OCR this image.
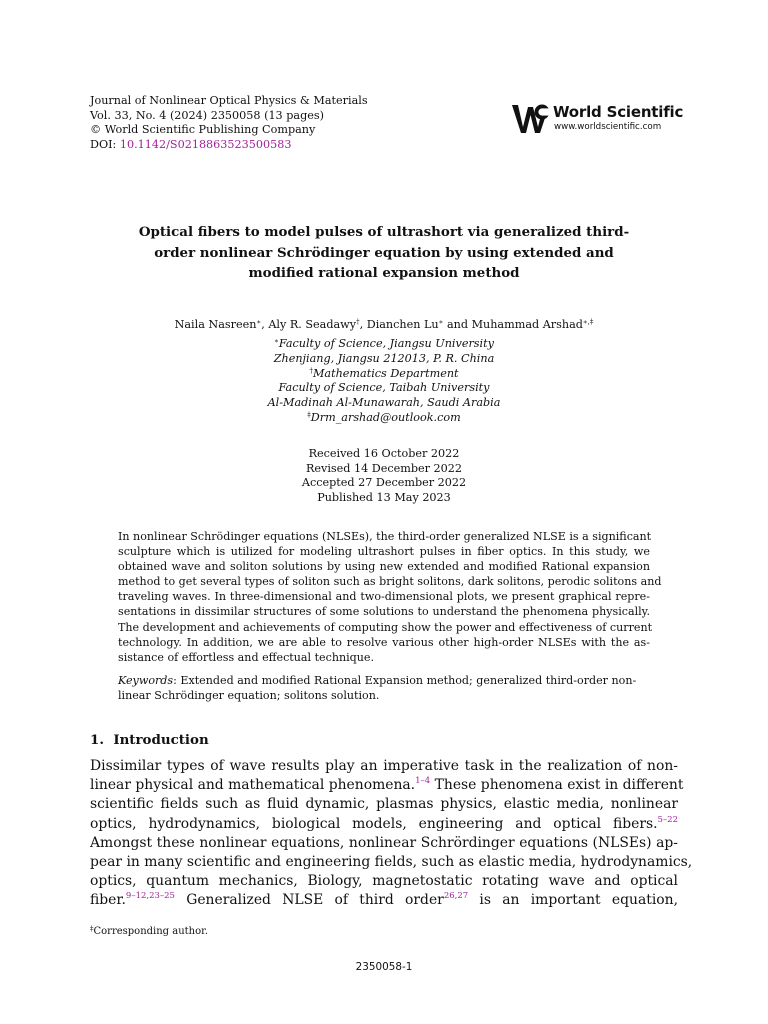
Journal of Nonlinear Optical Physics & Materials
Vol. 33, No. 4 (2024) 2350058 (13 pages)
© World Scientific Publishing Company
DOI: 10.1142/S0218863523500583
World Scientific
www.worldscientific.com
Optical fibers to model pulses of ultrashort via generalized third-
order nonlinear Schrödinger equation by using extended and
modified rational expansion method
Naila Nasreen∗, Aly R. Seadawy†, Dianchen Lu∗ and Muhammad Arshad∗,‡
∗Faculty of Science, Jiangsu University
Zhenjiang, Jiangsu 212013, P. R. China
†Mathematics Department
Faculty of Science, Taibah University
Al-Madinah Al-Munawarah, Saudi Arabia
‡Drm_arshad@outlook.com
Received 16 October 2022
Revised 14 December 2022
Accepted 27 December 2022
Published 13 May 2023
In nonlinear Schrödinger equations (NLSEs), the third-order generalized NLSE is a significant
sculpture which is utilized for modeling ultrashort pulses in fiber optics. In this study, we
obtained wave and soliton solutions by using new extended and modified Rational expansion
method to get several types of soliton such as bright solitons, dark solitons, perodic solitons and
traveling waves. In three-dimensional and two-dimensional plots, we present graphical repre-
sentations in dissimilar structures of some solutions to understand the phenomena physically.
The development and achievements of computing show the power and effectiveness of current
technology. In addition, we are able to resolve various other high-order NLSEs with the as-
sistance of effortless and effectual technique.
Keywords: Extended and modified Rational Expansion method; generalized third-order non-
linear Schrödinger equation; solitons solution.
1. Introduction
Dissimilar types of wave results play an imperative task in the realization of non-
linear physical and mathematical phenomena.$^{1-4}$ These phenomena exist in different
scientific fields such as fluid dynamic, plasmas physics, elastic media, nonlinear
optics, hydrodynamics, biological models, engineering and optical fibers.$^{5-22}$
Amongst these nonlinear equations, nonlinear Schrördinger equations (NLSEs) ap-
pear in many scientific and engineering fields, such as elastic media, hydrodynamics,
optics, quantum mechanics, Biology, magnetostatic rotating wave and optical
fiber.$^{9-12,23-25}$ Generalized NLSE of third order$^{26,27}$ is an important equation,
‡Corresponding author.
2350058-1
